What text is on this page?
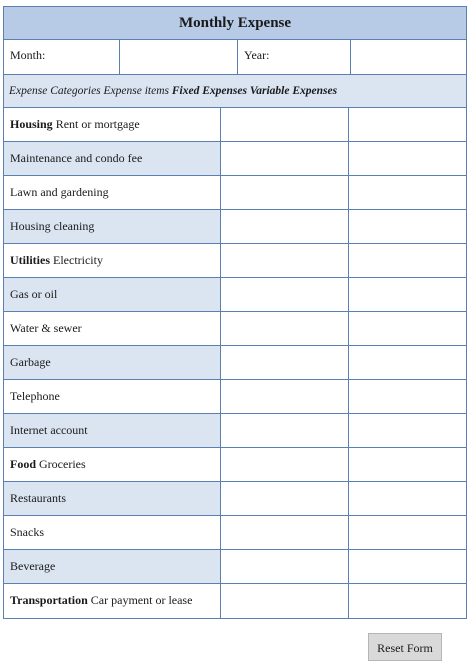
Monthly Expense
Month:	Year:
Expense Categories Expense items Fixed Expenses Variable Expenses
Housing Rent or mortgage
Maintenance and condo fee
Lawn and gardening
Housing cleaning
Utilities Electricity
Gas or oil
Water & sewer
Garbage
Telephone
Internet account
Food Groceries
Restaurants
Snacks
Beverage
Transportation Car payment or lease
Reset Form
